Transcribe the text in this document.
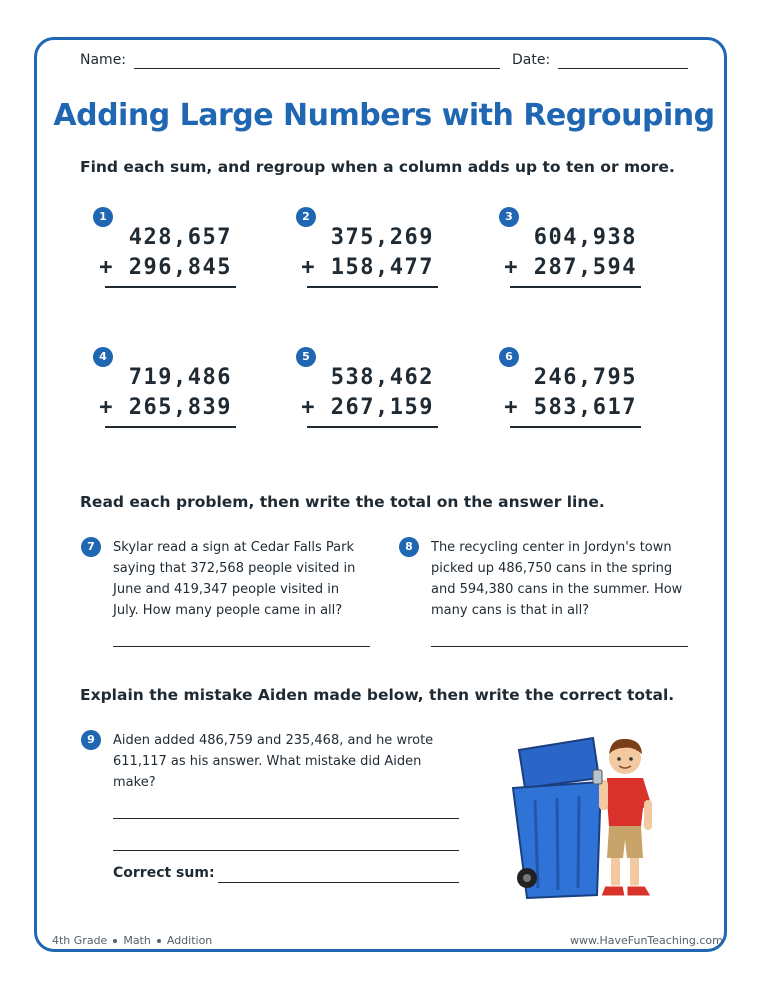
Name:	Date:
Adding Large Numbers with Regrouping
Find each sum, and regroup when a column adds up to ten or more.
1
428,657
+ 296,845
2
375,269
+ 158,477
3
604,938
+ 287,594
4
719,486
+ 265,839
5
538,462
+ 267,159
6
246,795
+ 583,617
Read each problem, then write the total on the answer line.
7	Skylar read a sign at Cedar Falls Park
saying that 372,568 people visited in
June and 419,347 people visited in
July. How many people came in all?
8	The recycling center in Jordyn's town
picked up 486,750 cans in the spring
and 594,380 cans in the summer. How
many cans is that in all?
Explain the mistake Aiden made below, then write the correct total.
9	Aiden added 486,759 and 235,468, and he wrote
611,117 as his answer. What mistake did Aiden
make?
Correct sum:
4th Grade Math Addition	www.HaveFunTeaching.com
